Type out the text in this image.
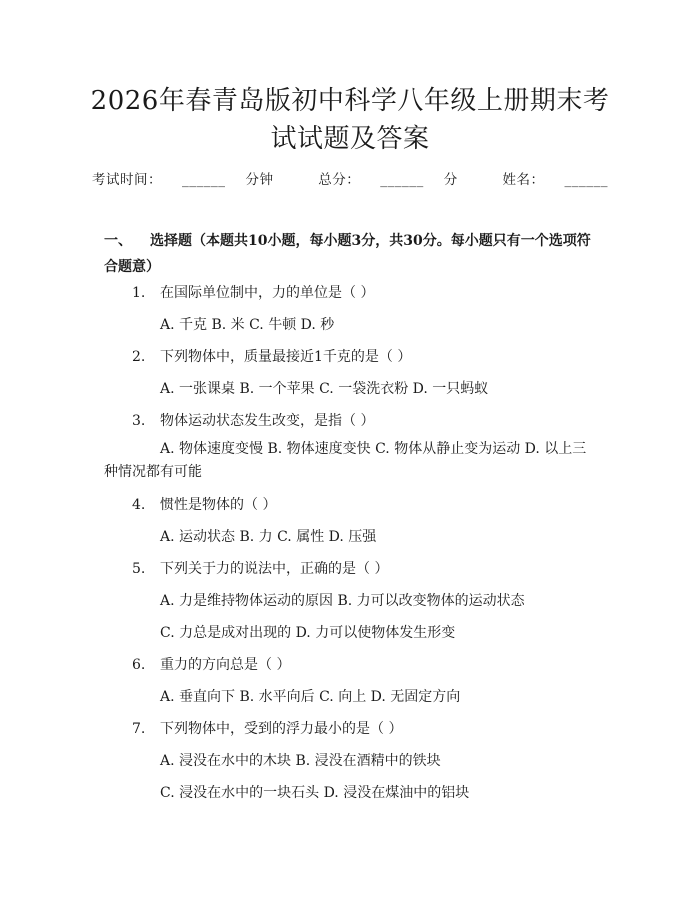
2026年春青岛版初中科学八年级上册期末考试试题及答案
考试时间： ______ 分钟	总分： ______ 分	姓名： ______
一、 选择题（本题共10小题，每小题3分，共30分。每小题只有一个选项符合题意）
1. 在国际单位制中，力的单位是（ ）
A. 千克 B. 米 C. 牛顿 D. 秒
2. 下列物体中，质量最接近1千克的是（ ）
A. 一张课桌 B. 一个苹果 C. 一袋洗衣粉 D. 一只蚂蚁
3. 物体运动状态发生改变，是指（ ）
A. 物体速度变慢 B. 物体速度变快 C. 物体从静止变为运动 D. 以上三种情况都有可能
4. 惯性是物体的（ ）
A. 运动状态 B. 力 C. 属性 D. 压强
5. 下列关于力的说法中，正确的是（ ）
A. 力是维持物体运动的原因 B. 力可以改变物体的运动状态
C. 力总是成对出现的 D. 力可以使物体发生形变
6. 重力的方向总是（ ）
A. 垂直向下 B. 水平向后 C. 向上 D. 无固定方向
7. 下列物体中，受到的浮力最小的是（ ）
A. 浸没在水中的木块 B. 浸没在酒精中的铁块
C. 浸没在水中的一块石头 D. 浸没在煤油中的铝块
